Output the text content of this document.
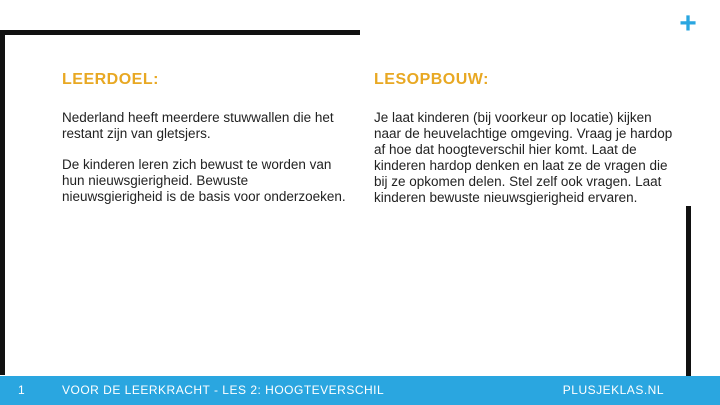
+
LEERDOEL:

Nederland heeft meerdere stuwwallen die het restant zijn van gletsjers.

De kinderen leren zich bewust te worden van hun nieuwsgierigheid. Bewuste nieuwsgierigheid is de basis voor onderzoeken.

LESOPBOUW:

Je laat kinderen (bij voorkeur op locatie) kijken naar de heuvelachtige omgeving. Vraag je hardop af hoe dat hoogteverschil hier komt. Laat de kinderen hardop denken en laat ze de vragen die bij ze opkomen delen. Stel zelf ook vragen. Laat kinderen bewuste nieuwsgierigheid ervaren.

1	VOOR DE LEERKRACHT - LES 2: HOOGTEVERSCHIL	PLUSJEKLAS.NL
